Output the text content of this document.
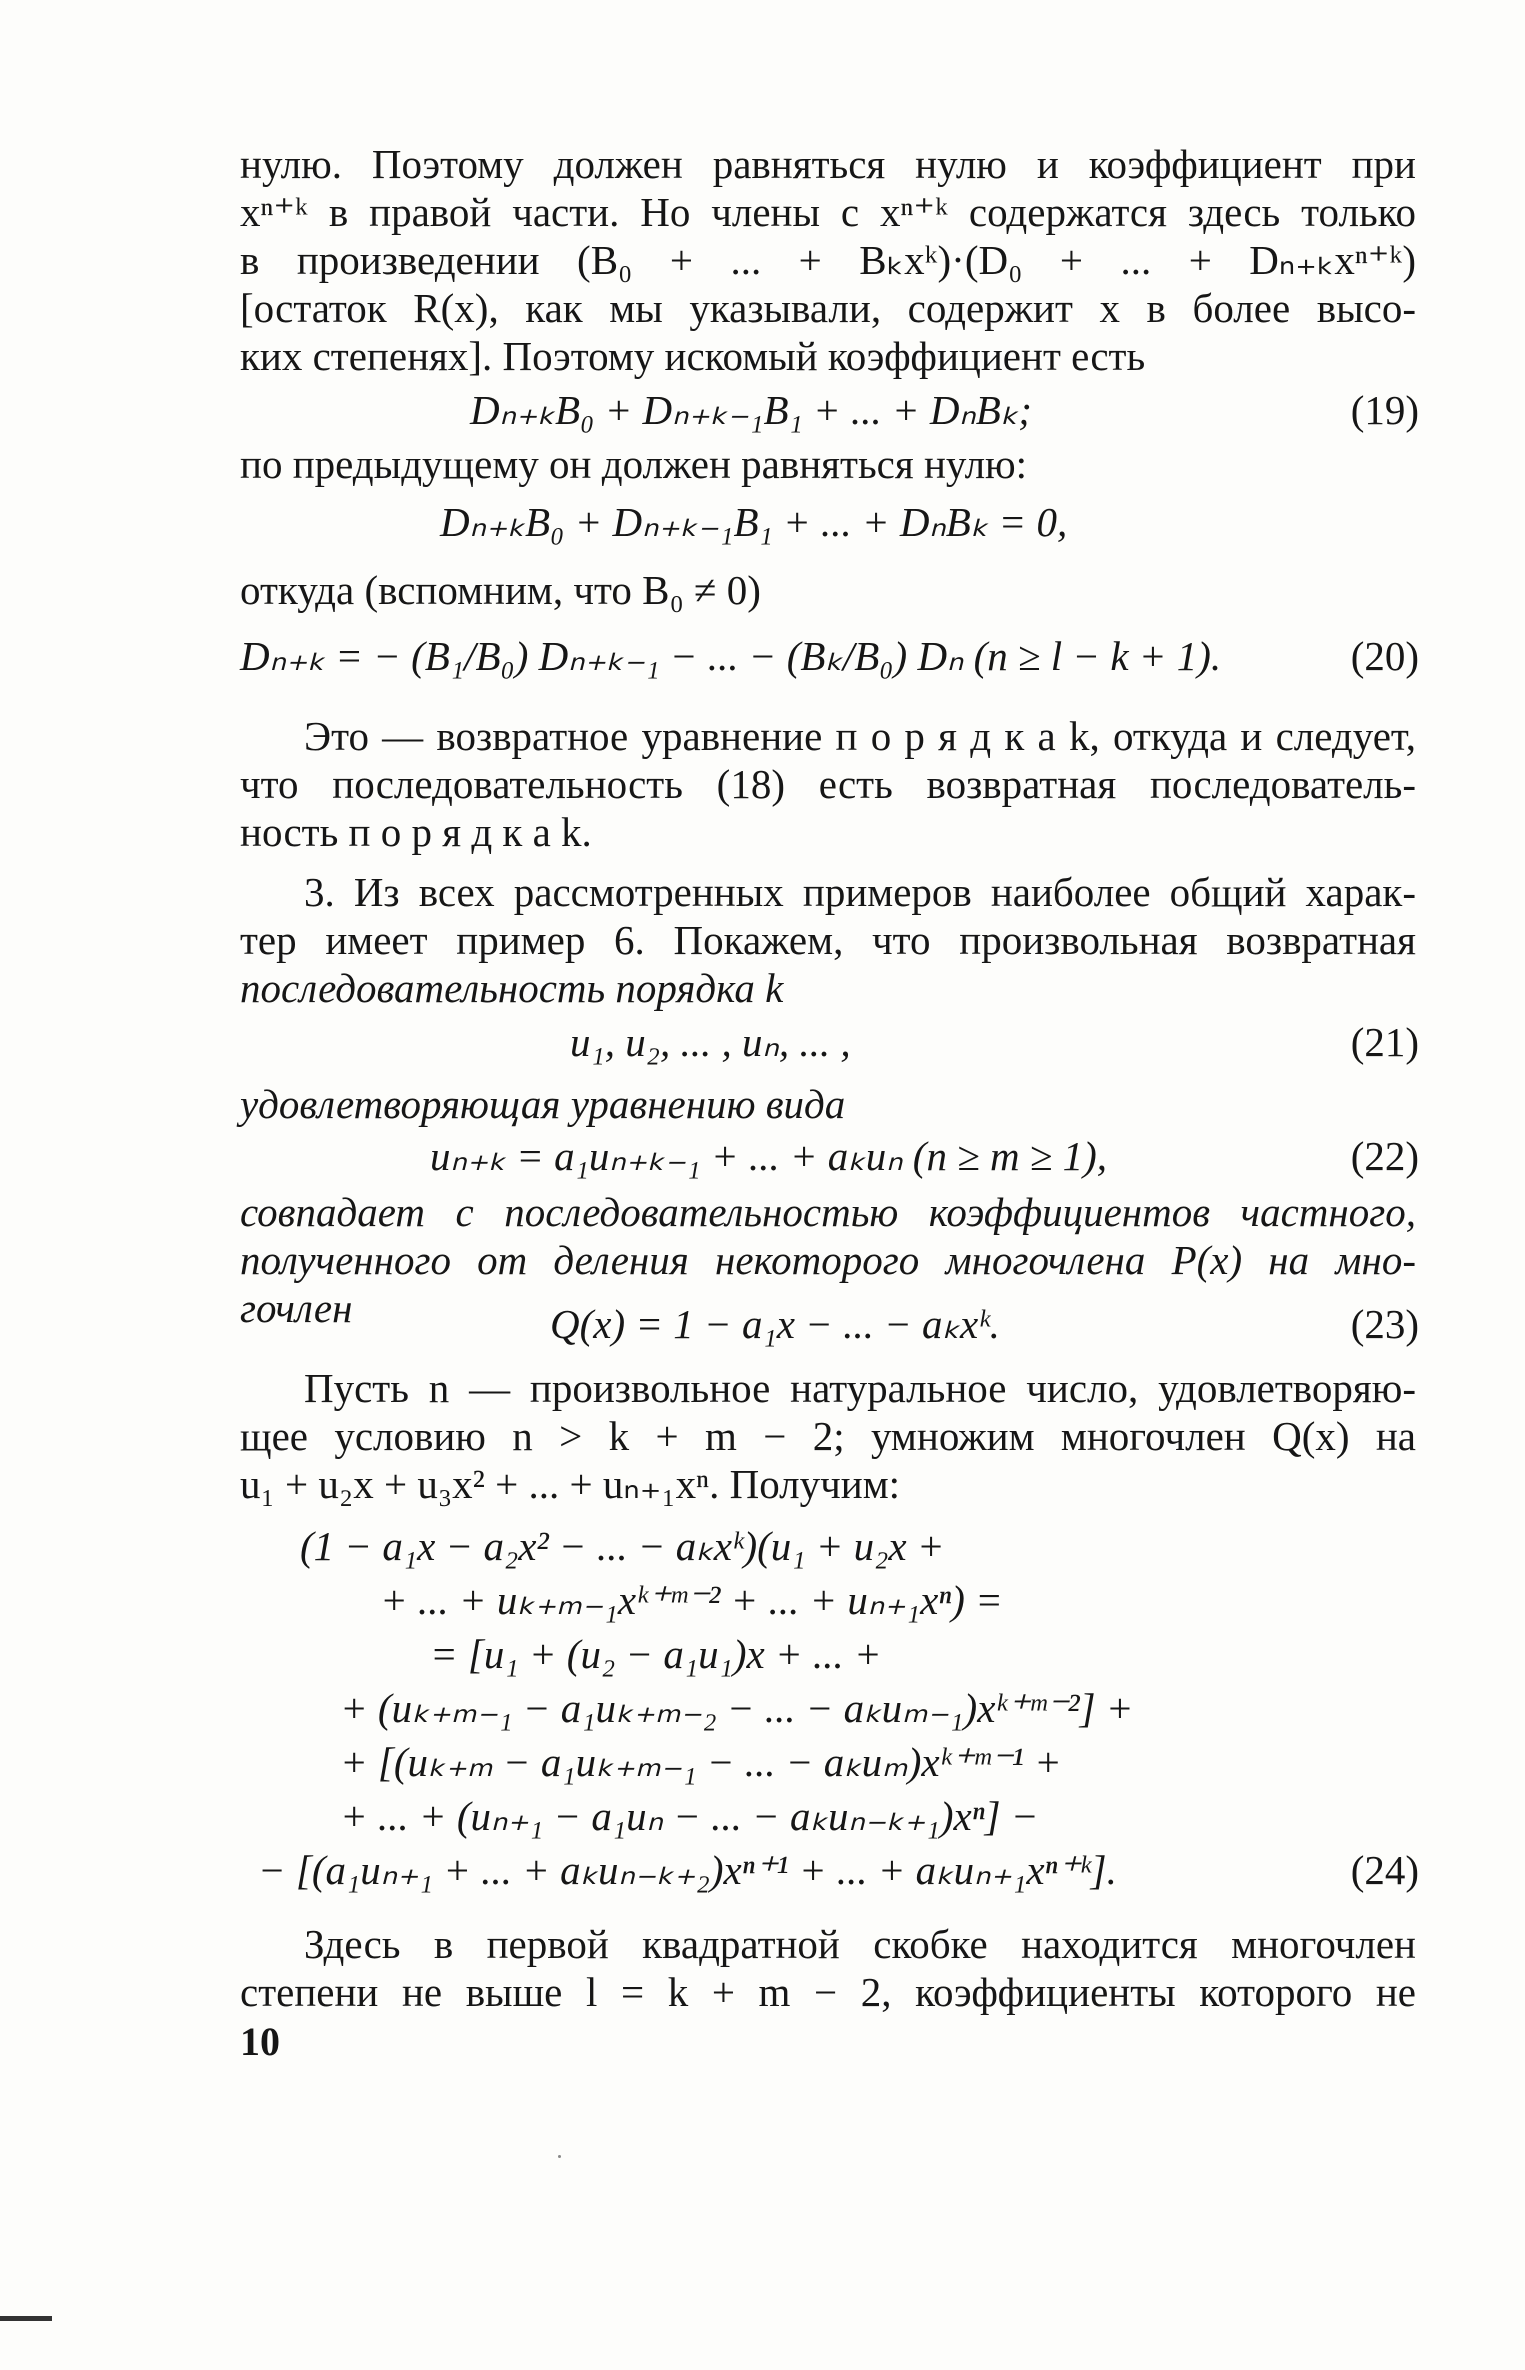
нулю. Поэтому должен равняться нулю и коэффициент при
xⁿ⁺ᵏ в правой части. Но члены с xⁿ⁺ᵏ содержатся здесь только
в произведении (B₀ + ... + Bₖxᵏ)·(D₀ + ... + Dₙ₊ₖxⁿ⁺ᵏ)
[остаток R(x), как мы указывали, содержит x в более высо-
ких степенях]. Поэтому искомый коэффициент есть
Dₙ₊ₖB₀ + Dₙ₊ₖ₋₁B₁ + ... + DₙBₖ;	(19)
по предыдущему он должен равняться нулю:
Dₙ₊ₖB₀ + Dₙ₊ₖ₋₁B₁ + ... + DₙBₖ = 0,
откуда (вспомним, что B₀ ≠ 0)
Dₙ₊ₖ = − (B₁/B₀) Dₙ₊ₖ₋₁ − ... − (Bₖ/B₀) Dₙ (n ≥ l − k + 1).	(20)
Это — возвратное уравнение п о р я д к а k, откуда и следует,
что последовательность (18) есть возвратная последователь-
ность п о р я д к а k.
3. Из всех рассмотренных примеров наиболее общий харак-
тер имеет пример 6. Покажем, что произвольная возвратная
последовательность порядка k
u₁, u₂, ... , uₙ, ... ,	(21)
удовлетворяющая уравнению вида
uₙ₊ₖ = a₁uₙ₊ₖ₋₁ + ... + aₖuₙ (n ≥ m ≥ 1),	(22)
совпадает с последовательностью коэффициентов частного,
полученного от деления некоторого многочлена P(x) на мно-
гочлен	Q(x) = 1 − a₁x − ... − aₖxᵏ.	(23)
Пусть n — произвольное натуральное число, удовлетворяю-
щее условию n > k + m − 2; умножим многочлен Q(x) на
u₁ + u₂x + u₃x² + ... + uₙ₊₁xⁿ. Получим:
(1 − a₁x − a₂x² − ... − aₖxᵏ)(u₁ + u₂x +
+ ... + uₖ₊ₘ₋₁xᵏ⁺ᵐ⁻² + ... + uₙ₊₁xⁿ) =
= [u₁ + (u₂ − a₁u₁)x + ... +
+ (uₖ₊ₘ₋₁ − a₁uₖ₊ₘ₋₂ − ... − aₖuₘ₋₁)xᵏ⁺ᵐ⁻²] +
+ [(uₖ₊ₘ − a₁uₖ₊ₘ₋₁ − ... − aₖuₘ)xᵏ⁺ᵐ⁻¹ +
+ ... + (uₙ₊₁ − a₁uₙ − ... − aₖuₙ₋ₖ₊₁)xⁿ] −
− [(a₁uₙ₊₁ + ... + aₖuₙ₋ₖ₊₂)xⁿ⁺¹ + ... + aₖuₙ₊₁xⁿ⁺ᵏ].	(24)
Здесь в первой квадратной скобке находится многочлен
степени не выше l = k + m − 2, коэффициенты которого не
10
